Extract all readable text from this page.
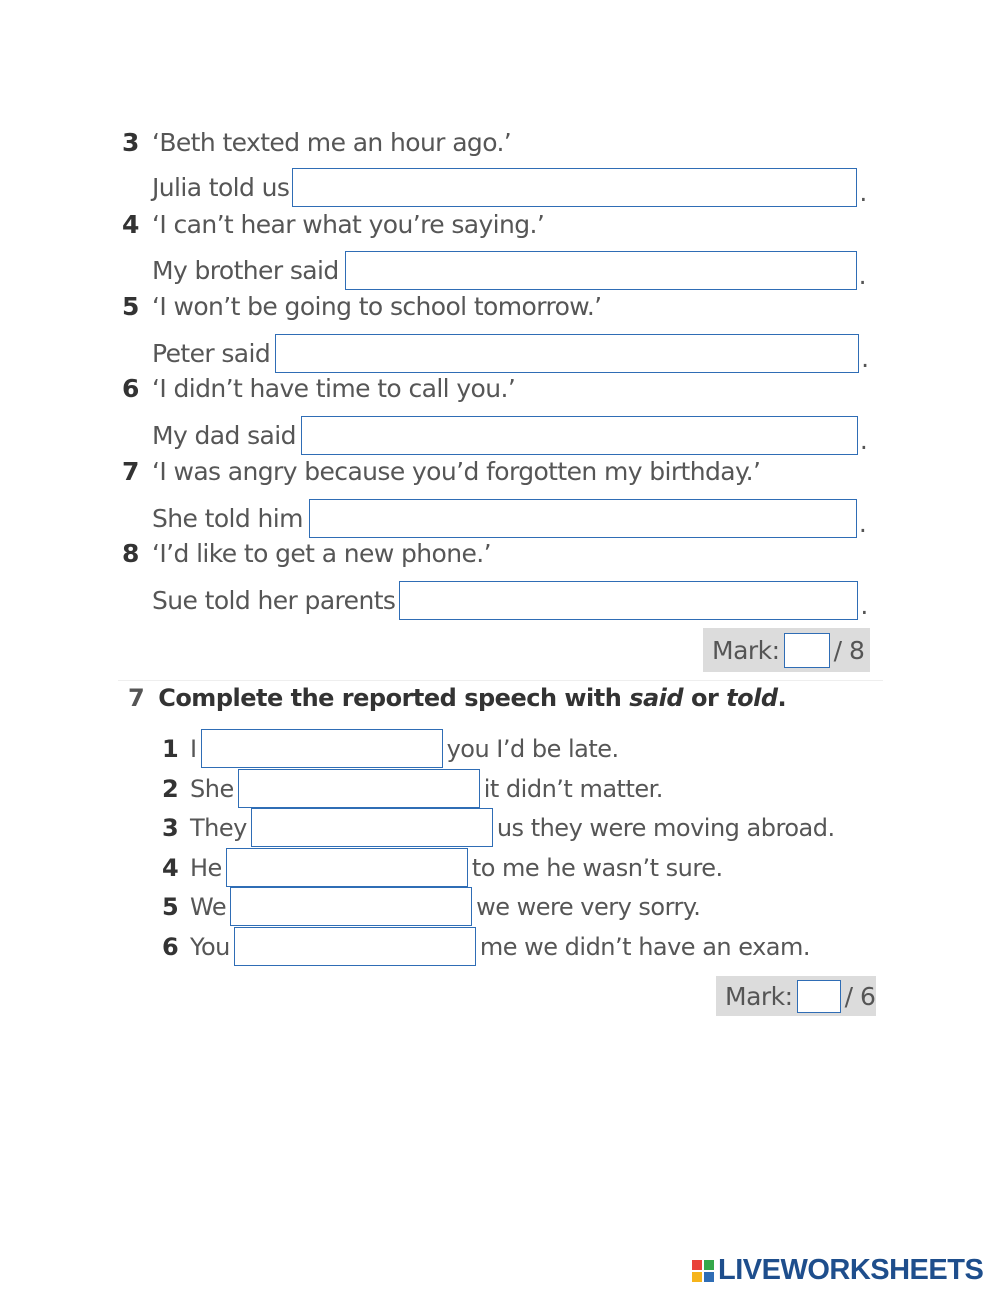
3 ‘Beth texted me an hour ago.’
Julia told us	.
4 ‘I can’t hear what you’re saying.’
My brother said	.
5 ‘I won’t be going to school tomorrow.’
Peter said	.
6 ‘I didn’t have time to call you.’
My dad said	.
7 ‘I was angry because you’d forgotten my birthday.’
She told him	.
8 ‘I’d like to get a new phone.’
Sue told her parents	.
Mark: / 8
7 Complete the reported speech with said or told.
1 I	you I’d be late.
2 She	it didn’t matter.
3 They	us they were moving abroad.
4 He	to me he wasn’t sure.
5 We	we were very sorry.
6 You	me we didn’t have an exam.
Mark: / 6
LIVEWORKSHEETS
